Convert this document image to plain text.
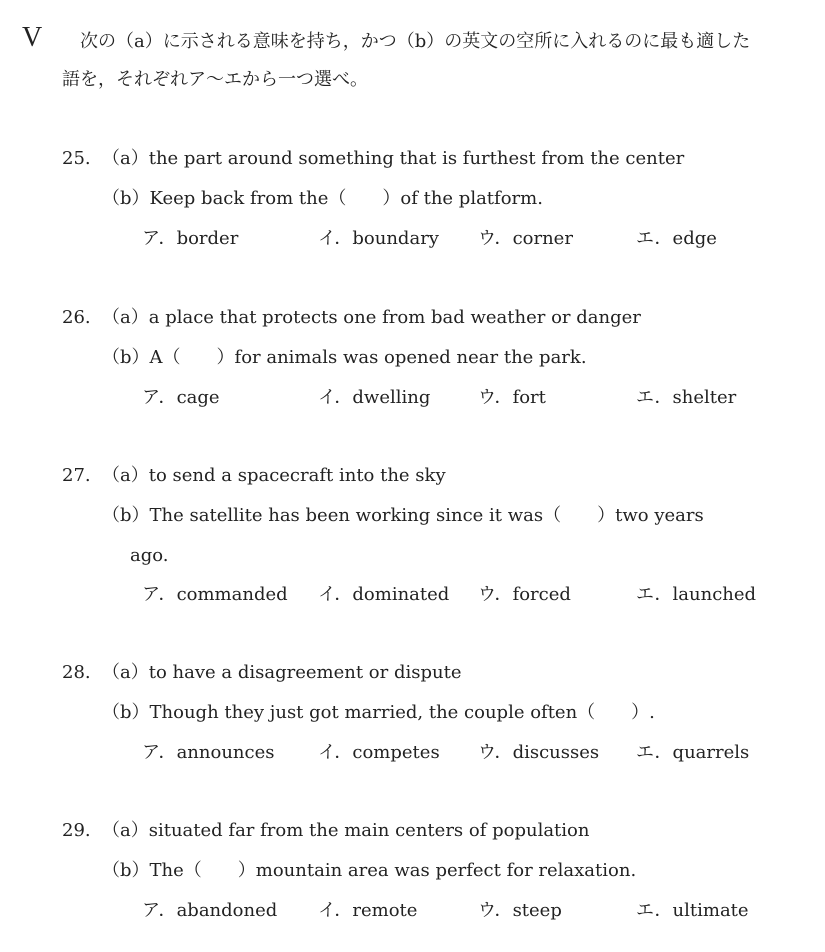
V 次の（a）に示される意味を持ち，かつ（b）の英文の空所に入れるのに最も適した
語を，それぞれア～エから一つ選べ。
25. （a）the part around something that is furthest from the center
（b）Keep back from the（　　）of the platform.
ア．border	イ．boundary ウ．corner	エ．edge
26. （a）a place that protects one from bad weather or danger
（b）A（　　）for animals was opened near the park.
ア．cage	イ．dwelling	ウ．fort	エ．shelter
27. （a）to send a spacecraft into the sky
（b）The satellite has been working since it was（　　）two years
ago.
ア．commanded イ．dominated ウ．forced	エ．launched
28. （a）to have a disagreement or dispute
（b）Though they just got married, the couple often（　　）.
ア．announces イ．competes ウ．discusses エ．quarrels
29. （a）situated far from the main centers of population
（b）The（　　）mountain area was perfect for relaxation.
ア．abandoned イ．remote	ウ．steep	エ．ultimate
